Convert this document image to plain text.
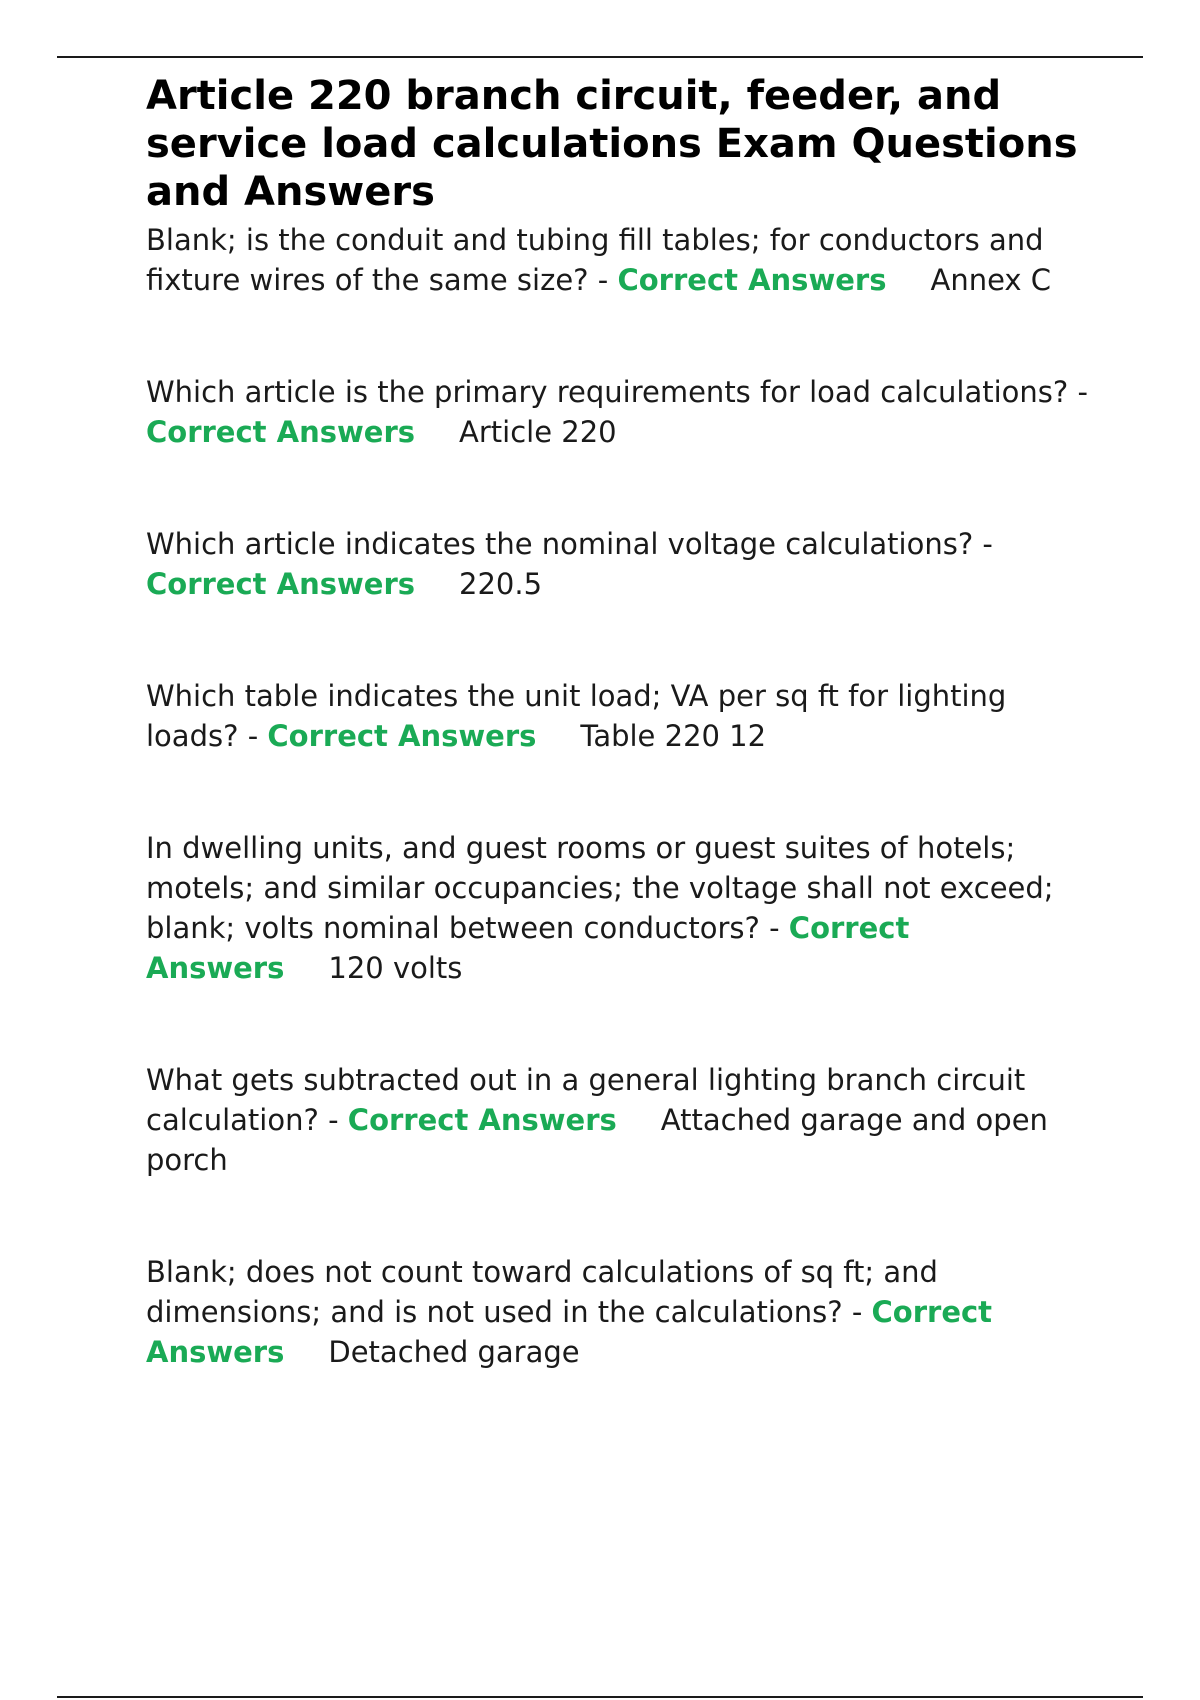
Article 220 branch circuit, feeder, and service load calculations Exam Questions and Answers

Blank; is the conduit and tubing fill tables; for conductors and fixture wires of the same size? - Correct Answers Annex C

Which article is the primary requirements for load calculations? - Correct Answers Article 220

Which article indicates the nominal voltage calculations? - Correct Answers 220.5

Which table indicates the unit load; VA per sq ft for lighting loads? - Correct Answers Table 220 12

In dwelling units, and guest rooms or guest suites of hotels; motels; and similar occupancies; the voltage shall not exceed; blank; volts nominal between conductors? - Correct Answers 120 volts

What gets subtracted out in a general lighting branch circuit calculation? - Correct Answers Attached garage and open porch

Blank; does not count toward calculations of sq ft; and dimensions; and is not used in the calculations? - Correct Answers Detached garage
